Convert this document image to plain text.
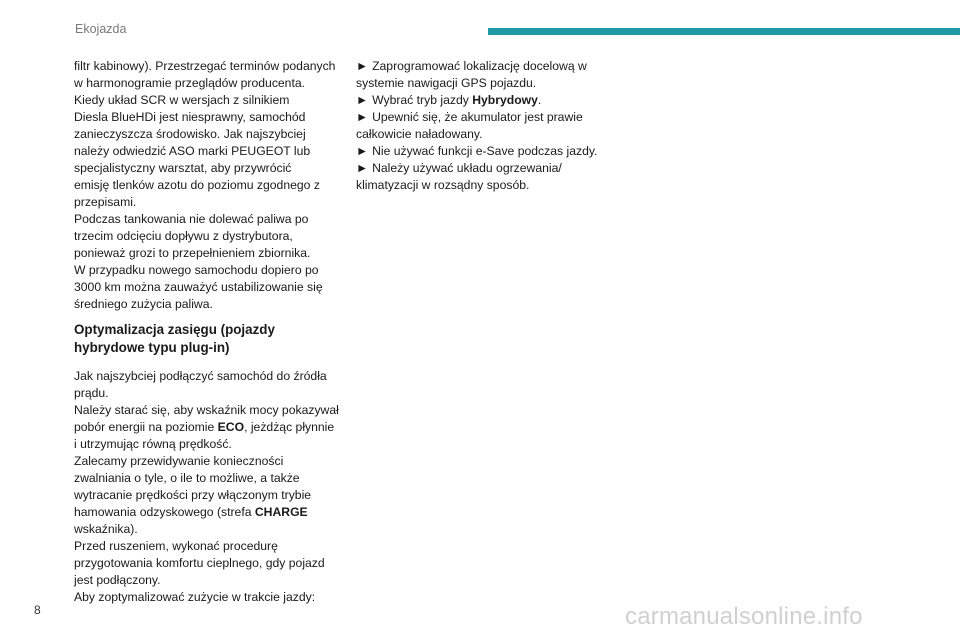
Ekojazda

filtr kabinowy). Przestrzegać terminów podanych
w harmonogramie przeglądów producenta.

Kiedy układ SCR w wersjach z silnikiem
Diesla BlueHDi jest niesprawny, samochód
zanieczyszcza środowisko. Jak najszybciej
należy odwiedzić ASO marki PEUGEOT lub
specjalistyczny warsztat, aby przywrócić
emisję tlenków azotu do poziomu zgodnego z
przepisami.

Podczas tankowania nie dolewać paliwa po
trzecim odcięciu dopływu z dystrybutora,
ponieważ grozi to przepełnieniem zbiornika.

W przypadku nowego samochodu dopiero po
3000 km można zauważyć ustabilizowanie się
średniego zużycia paliwa.

Optymalizacja zasięgu (pojazdy
hybrydowe typu plug-in)

Jak najszybciej podłączyć samochód do źródła
prądu.

Należy starać się, aby wskaźnik mocy pokazywał
pobór energii na poziomie ECO, jeżdżąc płynnie
i utrzymując równą prędkość.

Zalecamy przewidywanie konieczności
zwalniania o tyle, o ile to możliwe, a także
wytracanie prędkości przy włączonym trybie
hamowania odzyskowego (strefa CHARGE
wskaźnika).

Przed ruszeniem, wykonać procedurę
przygotowania komfortu cieplnego, gdy pojazd
jest podłączony.

Aby zoptymalizować zużycie w trakcie jazdy:

► Zaprogramować lokalizację docelową w
systemie nawigacji GPS pojazdu.

► Wybrać tryb jazdy Hybrydowy.

► Upewnić się, że akumulator jest prawie
całkowicie naładowany.

► Nie używać funkcji e-Save podczas jazdy.

► Należy używać układu ogrzewania/
klimatyzacji w rozsądny sposób.

8	carmanualsonline.info
